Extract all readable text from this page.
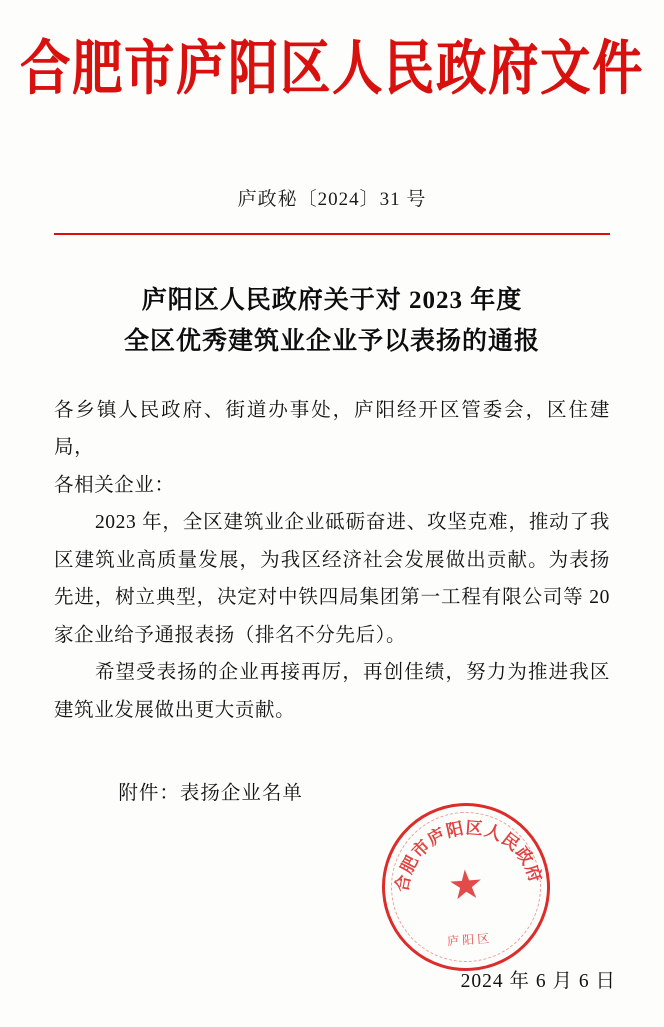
合肥市庐阳区人民政府文件
庐政秘〔2024〕31 号
庐阳区人民政府关于对 2023 年度
全区优秀建筑业企业予以表扬的通报

各乡镇人民政府、街道办事处，庐阳经开区管委会，区住建局，

各相关企业：

2023 年，全区建筑业企业砥砺奋进、攻坚克难，推动了我区建筑业高质量发展，为我区经济社会发展做出贡献。为表扬先进，树立典型，决定对中铁四局集团第一工程有限公司等 20 家企业给予通报表扬（排名不分先后）。

希望受表扬的企业再接再厉，再创佳绩，努力为推进我区建筑业发展做出更大贡献。

附件：表扬企业名单
合肥市庐阳区人民政府
★
庐阳区
2024 年 6 月 6 日
